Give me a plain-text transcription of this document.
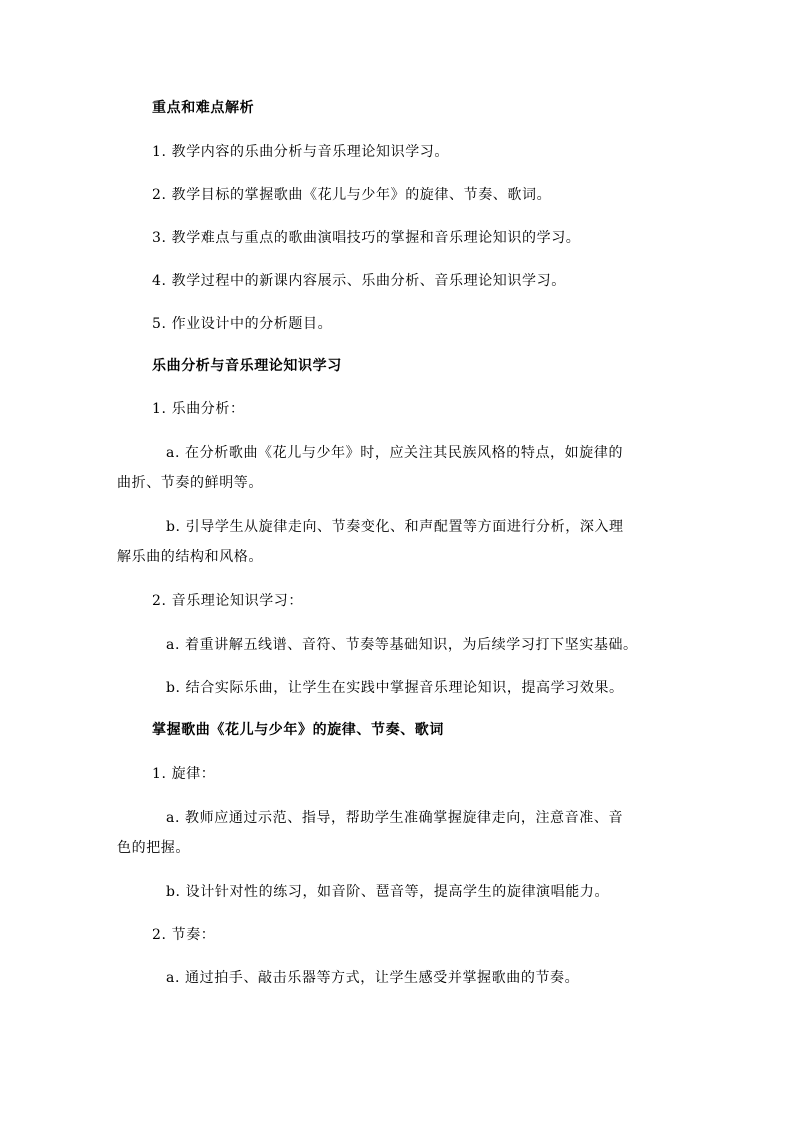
重点和难点解析
1. 教学内容的乐曲分析与音乐理论知识学习。
2. 教学目标的掌握歌曲《花儿与少年》的旋律、节奏、歌词。
3. 教学难点与重点的歌曲演唱技巧的掌握和音乐理论知识的学习。
4. 教学过程中的新课内容展示、乐曲分析、音乐理论知识学习。
5. 作业设计中的分析题目。
乐曲分析与音乐理论知识学习
1. 乐曲分析：
a. 在分析歌曲《花儿与少年》时，应关注其民族风格的特点，如旋律的
曲折、节奏的鲜明等。
b. 引导学生从旋律走向、节奏变化、和声配置等方面进行分析，深入理
解乐曲的结构和风格。
2. 音乐理论知识学习：
a. 着重讲解五线谱、音符、节奏等基础知识，为后续学习打下坚实基础。
b. 结合实际乐曲，让学生在实践中掌握音乐理论知识，提高学习效果。
掌握歌曲《花儿与少年》的旋律、节奏、歌词
1. 旋律：
a. 教师应通过示范、指导，帮助学生准确掌握旋律走向，注意音准、音
色的把握。
b. 设计针对性的练习，如音阶、琶音等，提高学生的旋律演唱能力。
2. 节奏：
a. 通过拍手、敲击乐器等方式，让学生感受并掌握歌曲的节奏。
